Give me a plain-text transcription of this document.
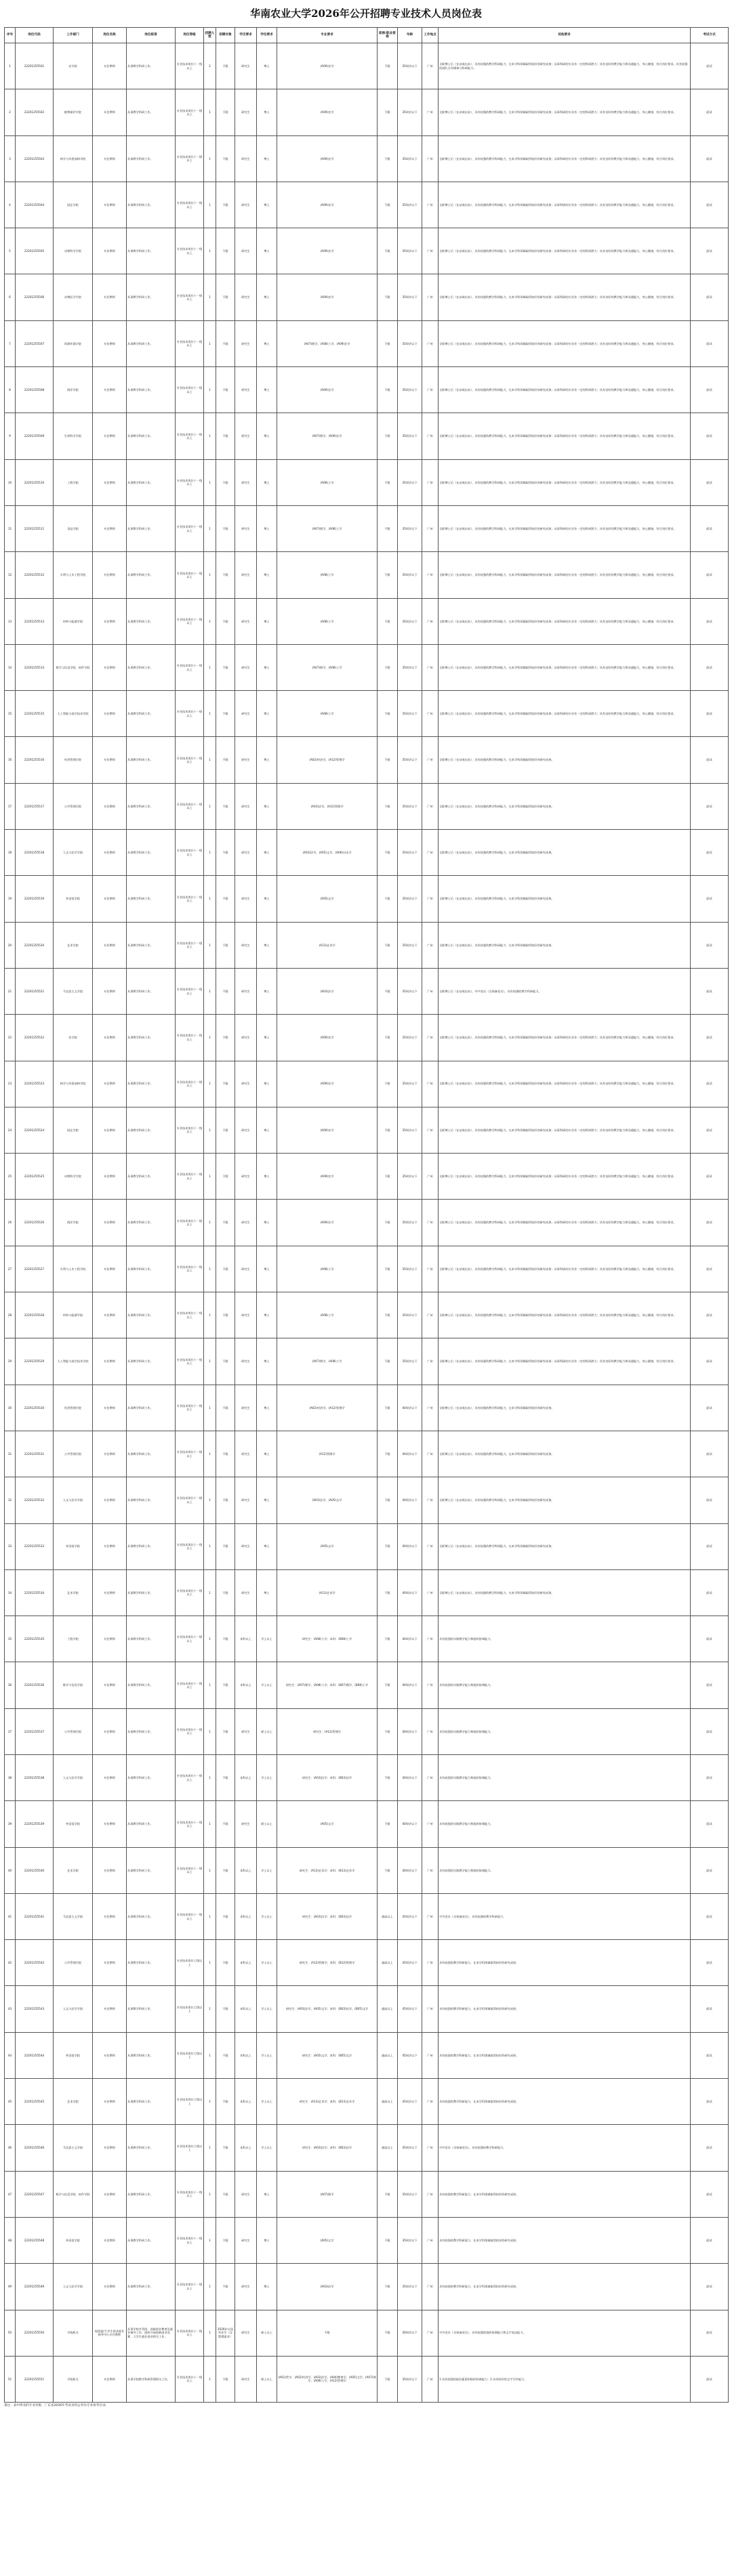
华南农业大学2026年公开招聘专业技术人员岗位表
序号	岗位代码	工作部门	岗位名称	岗位职责	岗位等级	招聘人数	招聘对象	学历要求	学位要求	专业要求	职称/职业资格	年龄	工作地点	其他要求	考试方式
1	22201255501	农学院	专任教师	从事教学科研工作。	专业技术岗位十一级以上	2	不限	研究生	博士	(A09)农学	不限	35周岁以下	广州	全职博士后（在站或出站）、具有较强的教学科研能力，在本学科领域取得较好的研究成果；从事科研的应具有一定的科研潜力；具有良好的教学能力和沟通能力，身心健康，符合岗位要求。具有较强的团队合作精神与科研能力。	面试
2	22201255502	植物保护学院	专任教师	从事教学科研工作。	专业技术岗位十一级以上	1	不限	研究生	博士	(A09)农学	不限	35周岁以下	广州	全职博士后（在站或出站）、具有较强的教学科研能力，在本学科领域取得较好的研究成果；从事科研的应具有一定的科研潜力；具有良好的教学能力和沟通能力，身心健康，符合岗位要求。	面试
3	22201255503	林学与风景园林学院	专任教师	从事教学科研工作。	专业技术岗位十一级以上	1	不限	研究生	博士	(A09)农学	不限	35周岁以下	广州	全职博士后（在站或出站）、具有较强的教学科研能力，在本学科领域取得较好的研究成果；从事科研的应具有一定的科研潜力；具有良好的教学能力和沟通能力，身心健康，符合岗位要求。	面试
4	22201255504	园艺学院	专任教师	从事教学科研工作。	专业技术岗位十一级以上	1	不限	研究生	博士	(A09)农学	不限	35周岁以下	广州	全职博士后（在站或出站）、具有较强的教学科研能力，在本学科领域取得较好的研究成果；从事科研的应具有一定的科研潜力；具有良好的教学能力和沟通能力，身心健康，符合岗位要求。	面试
5	22201255505	动物科学学院	专任教师	从事教学科研工作。	专业技术岗位十一级以上	1	不限	研究生	博士	(A09)农学	不限	35周岁以下	广州	全职博士后（在站或出站）、具有较强的教学科研能力，在本学科领域取得较好的研究成果；从事科研的应具有一定的科研潜力；具有良好的教学能力和沟通能力，身心健康，符合岗位要求。	面试
6	22201255506	动物医学学院	专任教师	从事教学科研工作。	专业技术岗位十一级以上	1	不限	研究生	博士	(A09)农学	不限	35周岁以下	广州	全职博士后（在站或出站）、具有较强的教学科研能力，在本学科领域取得较好的研究成果；从事科研的应具有一定的科研潜力；具有良好的教学能力和沟通能力，身心健康，符合岗位要求。	面试
7	22201255507	资源环境学院	专任教师	从事教学科研工作。	专业技术岗位十一级以上	1	不限	研究生	博士	(A07)理学，(A08)工学，(A09)农学	不限	35周岁以下	广州	全职博士后（在站或出站）、具有较强的教学科研能力，在本学科领域取得较好的研究成果；从事科研的应具有一定的科研潜力；具有良好的教学能力和沟通能力，身心健康，符合岗位要求。	面试
8	22201255508	海洋学院	专任教师	从事教学科研工作。	专业技术岗位十一级以上	1	不限	研究生	博士	(A09)农学	不限	35周岁以下	广州	全职博士后（在站或出站）、具有较强的教学科研能力，在本学科领域取得较好的研究成果；从事科研的应具有一定的科研潜力；具有良好的教学能力和沟通能力，身心健康，符合岗位要求。	面试
9	22201255509	生命科学学院	专任教师	从事教学科研工作。	专业技术岗位十一级以上	1	不限	研究生	博士	(A07)理学，(A09)农学	不限	35周岁以下	广州	全职博士后（在站或出站）、具有较强的教学科研能力，在本学科领域取得较好的研究成果；从事科研的应具有一定的科研潜力；具有良好的教学能力和沟通能力，身心健康，符合岗位要求。	面试
10	22201255510	工程学院	专任教师	从事教学科研工作。	专业技术岗位十一级以上	1	不限	研究生	博士	(A08)工学	不限	35周岁以下	广州	全职博士后（在站或出站）、具有较强的教学科研能力，在本学科领域取得较好的研究成果；从事科研的应具有一定的科研潜力；具有良好的教学能力和沟通能力，身心健康，符合岗位要求。	面试
11	22201255511	食品学院	专任教师	从事教学科研工作。	专业技术岗位十一级以上	1	不限	研究生	博士	(A07)理学，(A08)工学	不限	35周岁以下	广州	全职博士后（在站或出站）、具有较强的教学科研能力，在本学科领域取得较好的研究成果；从事科研的应具有一定的科研潜力；具有良好的教学能力和沟通能力，身心健康，符合岗位要求。	面试
12	22201255512	水利与土木工程学院	专任教师	从事教学科研工作。	专业技术岗位十一级以上	1	不限	研究生	博士	(A08)工学	不限	35周岁以下	广州	全职博士后（在站或出站）、具有较强的教学科研能力，在本学科领域取得较好的研究成果；从事科研的应具有一定的科研潜力；具有良好的教学能力和沟通能力，身心健康，符合岗位要求。	面试
13	22201255513	材料与能源学院	专任教师	从事教学科研工作。	专业技术岗位十一级以上	1	不限	研究生	博士	(A08)工学	不限	35周岁以下	广州	全职博士后（在站或出站）、具有较强的教学科研能力，在本学科领域取得较好的研究成果；从事科研的应具有一定的科研潜力；具有良好的教学能力和沟通能力，身心健康，符合岗位要求。	面试
14	22201255514	数学与信息学院、软件学院	专任教师	从事教学科研工作。	专业技术岗位十一级以上	1	不限	研究生	博士	(A07)理学，(A08)工学	不限	35周岁以下	广州	全职博士后（在站或出站）、具有较强的教学科研能力，在本学科领域取得较好的研究成果；从事科研的应具有一定的科研潜力；具有良好的教学能力和沟通能力，身心健康，符合岗位要求。	面试
15	22201255515	人工智能与低空技术学院	专任教师	从事教学科研工作。	专业技术岗位十一级以上	1	不限	研究生	博士	(A08)工学	不限	35周岁以下	广州	全职博士后（在站或出站）、具有较强的教学科研能力，在本学科领域取得较好的研究成果；从事科研的应具有一定的科研潜力；具有良好的教学能力和沟通能力，身心健康，符合岗位要求。	面试
16	22201255516	经济管理学院	专任教师	从事教学科研工作。	专业技术岗位十一级以上	1	不限	研究生	博士	(A02)经济学，(A12)管理学	不限	35周岁以下	广州	全职博士后（在站或出站），具有较强的教学科研能力，在本学科领域取得较好的研究成果。	面试
17	22201255517	公共管理学院	专任教师	从事教学科研工作。	专业技术岗位十一级以上	1	不限	研究生	博士	(A03)法学，(A12)管理学	不限	35周岁以下	广州	全职博士后（在站或出站），具有较强的教学科研能力，在本学科领域取得较好的研究成果。	面试
18	22201255518	人文与法学学院	专任教师	从事教学科研工作。	专业技术岗位十一级以上	1	不限	研究生	博士	(A03)法学，(A05)文学，(A06)历史学	不限	35周岁以下	广州	全职博士后（在站或出站），具有较强的教学科研能力，在本学科领域取得较好的研究成果。	面试
19	22201255519	外国语学院	专任教师	从事教学科研工作。	专业技术岗位十一级以上	1	不限	研究生	博士	(A05)文学	不限	35周岁以下	广州	全职博士后（在站或出站），具有较强的教学科研能力，在本学科领域取得较好的研究成果。	面试
20	22201255520	艺术学院	专任教师	从事教学科研工作。	专业技术岗位十一级以上	1	不限	研究生	博士	(A13)艺术学	不限	35周岁以下	广州	全职博士后（在站或出站），具有较强的教学科研能力，在本学科领域取得较好的研究成果。	面试
21	22201255521	马克思主义学院	专任教师	从事教学科研工作。	专业技术岗位十一级以上	1	不限	研究生	博士	(A03)法学	不限	35周岁以下	广州	全职博士后（在站或出站），中共党员（含预备党员），具有较强的教学科研能力。	面试
22	22201255522	农学院	专任教师	从事教学科研工作。	专业技术岗位十一级以上	1	不限	研究生	博士	(A09)农学	不限	35周岁以下	广州	全职博士后（在站或出站）、具有较强的教学科研能力，在本学科领域取得较好的研究成果；从事科研的应具有一定的科研潜力；具有良好的教学能力和沟通能力，身心健康，符合岗位要求。	面试
23	22201255523	林学与风景园林学院	专任教师	从事教学科研工作。	专业技术岗位十一级以上	1	不限	研究生	博士	(A09)农学	不限	35周岁以下	广州	全职博士后（在站或出站）、具有较强的教学科研能力，在本学科领域取得较好的研究成果；从事科研的应具有一定的科研潜力；具有良好的教学能力和沟通能力，身心健康，符合岗位要求。	面试
24	22201255524	园艺学院	专任教师	从事教学科研工作。	专业技术岗位十一级以上	1	不限	研究生	博士	(A09)农学	不限	35周岁以下	广州	全职博士后（在站或出站）、具有较强的教学科研能力，在本学科领域取得较好的研究成果；从事科研的应具有一定的科研潜力；具有良好的教学能力和沟通能力，身心健康，符合岗位要求。	面试
25	22201255525	动物科学学院	专任教师	从事教学科研工作。	专业技术岗位十一级以上	1	不限	研究生	博士	(A09)农学	不限	35周岁以下	广州	全职博士后（在站或出站）、具有较强的教学科研能力，在本学科领域取得较好的研究成果；从事科研的应具有一定的科研潜力；具有良好的教学能力和沟通能力，身心健康，符合岗位要求。	面试
26	22201255526	海洋学院	专任教师	从事教学科研工作。	专业技术岗位十一级以上	1	不限	研究生	博士	(A09)农学	不限	35周岁以下	广州	全职博士后（在站或出站）、具有较强的教学科研能力，在本学科领域取得较好的研究成果；从事科研的应具有一定的科研潜力；具有良好的教学能力和沟通能力，身心健康，符合岗位要求。	面试
27	22201255527	水利与土木工程学院	专任教师	从事教学科研工作。	专业技术岗位十一级以上	1	不限	研究生	博士	(A08)工学	不限	35周岁以下	广州	全职博士后（在站或出站）、具有较强的教学科研能力，在本学科领域取得较好的研究成果；从事科研的应具有一定的科研潜力；具有良好的教学能力和沟通能力，身心健康，符合岗位要求。	面试
28	22201255528	材料与能源学院	专任教师	从事教学科研工作。	专业技术岗位十一级以上	1	不限	研究生	博士	(A08)工学	不限	35周岁以下	广州	全职博士后（在站或出站）、具有较强的教学科研能力，在本学科领域取得较好的研究成果；从事科研的应具有一定的科研潜力；具有良好的教学能力和沟通能力，身心健康，符合岗位要求。	面试
29	22201255529	人工智能与低空技术学院	专任教师	从事教学科研工作。	专业技术岗位十一级以上	1	不限	研究生	博士	(A07)理学，(A08)工学	不限	35周岁以下	广州	全职博士后（在站或出站）、具有较强的教学科研能力，在本学科领域取得较好的研究成果；从事科研的应具有一定的科研潜力；具有良好的教学能力和沟通能力，身心健康，符合岗位要求。	面试
30	22201255530	经济管理学院	专任教师	从事教学科研工作。	专业技术岗位十一级以上	1	不限	研究生	博士	(A02)经济学，(A12)管理学	不限	40周岁以下	广州	全职博士后（在站或出站），具有较强的教学科研能力，在本学科领域取得较好的研究成果。	面试
31	22201255531	公共管理学院	专任教师	从事教学科研工作。	专业技术岗位十一级以上	1	不限	研究生	博士	(A12)管理学	不限	40周岁以下	广州	全职博士后（在站或出站），具有较强的教学科研能力，在本学科领域取得较好的研究成果。	面试
32	22201255532	人文与法学学院	专任教师	从事教学科研工作。	专业技术岗位十一级以上	1	不限	研究生	博士	(A03)法学，(A05)文学	不限	40周岁以下	广州	全职博士后（在站或出站），具有较强的教学科研能力，在本学科领域取得较好的研究成果。	面试
33	22201255533	外国语学院	专任教师	从事教学科研工作。	专业技术岗位十一级以上	1	不限	研究生	博士	(A05)文学	不限	40周岁以下	广州	全职博士后（在站或出站），具有较强的教学科研能力，在本学科领域取得较好的研究成果。	面试
34	22201255534	艺术学院	专任教师	从事教学科研工作。	专业技术岗位十一级以上	1	不限	研究生	博士	(A13)艺术学	不限	40周岁以下	广州	全职博士后（在站或出站），具有较强的教学科研能力，在本学科领域取得较好的研究成果。	面试
35	22201255535	工程学院	专任教师	从事教学科研工作。	专业技术岗位十一级以上	1	不限	本科以上	学士以上	研究生：(A08)工学；本科：(B08)工学	不限	40周岁以下	广州	具有较强的实践教学能力和组织协调能力。	面试
36	22201255536	数学与信息学院	专任教师	从事教学科研工作。	专业技术岗位十一级以上	1	不限	本科以上	学士以上	研究生：(A07)理学，(A08)工学；本科：(B07)理学，(B08)工学	不限	40周岁以下	广州	具有较强的实践教学能力和组织协调能力。	面试
37	22201255537	公共管理学院	专任教师	从事教学科研工作。	专业技术岗位十一级以上	1	不限	研究生	硕士以上	研究生：(A12)管理学	不限	40周岁以下	广州	具有较强的实践教学能力和组织协调能力。	面试
38	22201255538	人文与法学学院	专任教师	从事教学科研工作。	专业技术岗位十一级以上	1	不限	本科以上	学士以上	研究生：(A03)法学；本科：(B03)法学	不限	40周岁以下	广州	具有较强的实践教学能力和组织协调能力。	面试
39	22201255539	外国语学院	专任教师	从事教学科研工作。	专业技术岗位十一级以上	1	不限	研究生	硕士以上	(A05)文学	不限	40周岁以下	广州	具有较强的实践教学能力和组织协调能力。	面试
40	22201255540	艺术学院	专任教师	从事教学科研工作。	专业技术岗位十一级以上	1	不限	本科以上	学士以上	研究生：(A13)艺术学；本科：(B13)艺术学	不限	40周岁以下	广州	具有较强的实践教学能力和组织协调能力。	面试
41	22201255541	马克思主义学院	专任教师	从事教学科研工作。	专业技术岗位十一级以上	1	不限	本科以上	学士以上	研究生：(A03)法学；本科：(B03)法学	副高以上	45周岁以下	广州	中共党员（含预备党员），具有较强的教学科研能力。	面试
42	22201255542	公共管理学院	专任教师	从事教学科研工作。	专业技术岗位七级以上	1	不限	本科以上	学士以上	研究生：(A12)管理学；本科：(B12)管理学	副高以上	45周岁以下	广州	具有较强的教学科研能力，在本学科领域取得较好的研究成果。	面试
43	22201255543	人文与法学学院	专任教师	从事教学科研工作。	专业技术岗位七级以上	1	不限	本科以上	学士以上	研究生：(A03)法学，(A05)文学；本科：(B03)法学，(B05)文学	副高以上	45周岁以下	广州	具有较强的教学科研能力，在本学科领域取得较好的研究成果。	面试
44	22201255544	外国语学院	专任教师	从事教学科研工作。	专业技术岗位七级以上	1	不限	本科以上	学士以上	研究生：(A05)文学；本科：(B05)文学	副高以上	45周岁以下	广州	具有较强的教学科研能力，在本学科领域取得较好的研究成果。	面试
45	22201255545	艺术学院	专任教师	从事教学科研工作。	专业技术岗位七级以上	1	不限	本科以上	学士以上	研究生：(A13)艺术学；本科：(B13)艺术学	副高以上	45周岁以下	广州	具有较强的教学科研能力，在本学科领域取得较好的研究成果。	面试
46	22201255546	马克思主义学院	专任教师	从事教学科研工作。	专业技术岗位七级以上	1	不限	本科以上	学士以上	研究生：(A03)法学；本科：(B03)法学	副高以上	45周岁以下	广州	中共党员（含预备党员），具有较强的教学科研能力。	面试
47	22201255547	数学与信息学院、软件学院	专任教师	从事教学科研工作。	专业技术岗位十一级以上	1	不限	研究生	博士	(A07)理学	不限	35周岁以下	广州	具有较强的教学科研能力，在本学科领域取得较好的研究成果。	面试
48	22201255548	外国语学院	专任教师	从事教学科研工作。	专业技术岗位十一级以上	1	不限	研究生	博士	(A05)文学	不限	35周岁以下	广州	具有较强的教学科研能力，在本学科领域取得较好的研究成果。	面试
49	22201255549	人文与法学学院	专任教师	从事教学科研工作。	专业技术岗位十一级以上	1	不限	研究生	博士	(A03)法学	不限	35周岁以下	广州	具有较强的教学科研能力，在本学科领域取得较好的研究成果。	面试
50	22201255550	学校机关	校团委/大学生创业就业指导中心专任教师	从事学校共青团、创新创业教育及就业指导工作，组织开展创新创业竞赛、大学生就业创业相关工作。	专业技术岗位十一级以上	1	2026年应届毕业生（含暂缓就业）	研究生	硕士以上	不限	不限	30周岁以下	广州	中共党员（含预备党员），具有较强的组织协调能力和文字表达能力。	面试
51	22201255551	学校机关	专任教师	从事学校教学科研管理相关工作。	专业技术岗位十一级以上	1	不限	研究生	硕士以上	(A01)哲学，(A02)经济学，(A03)法学，(A04)教育学，(A05)文学，(A07)理学，(A08)工学，(A12)管理学	不限	35周岁以下	广州	1.具有较强的政治素质和组织协调能力；2.具有较好的文字写作能力。	面试
备注：表中涉及的专业名称，广东省2026年考试录用公务员专业参考目录。
